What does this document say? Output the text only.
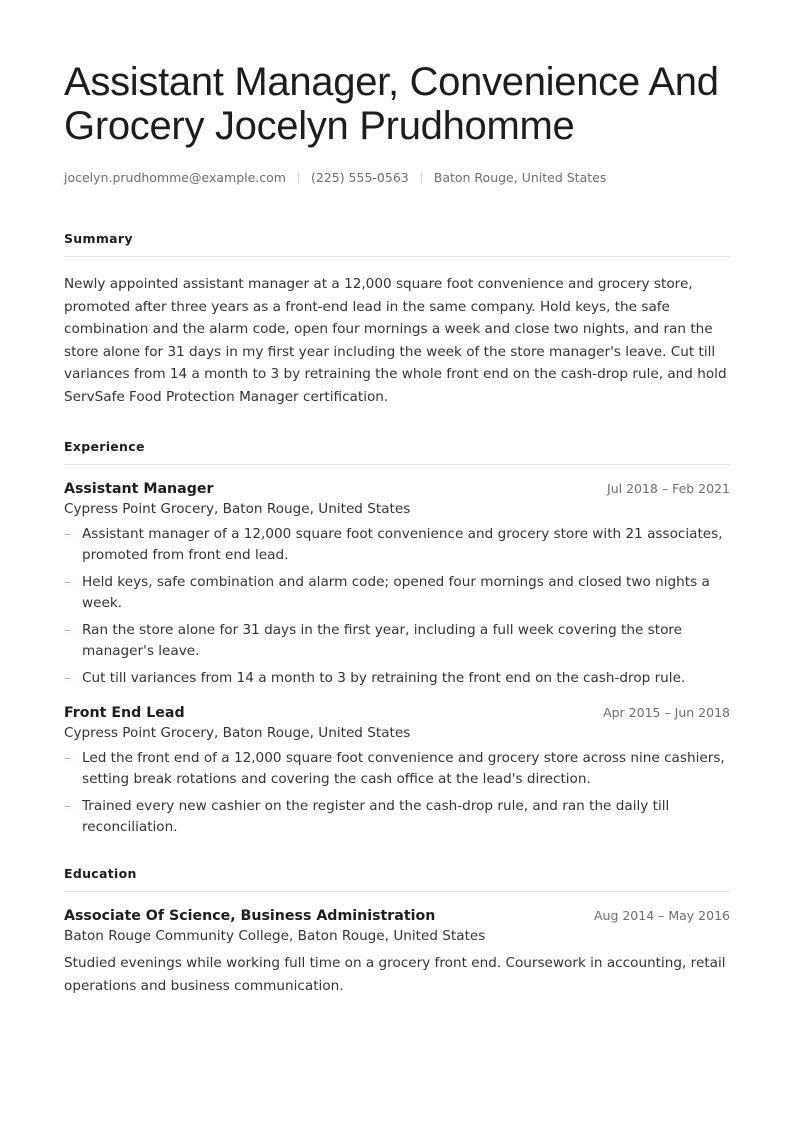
Assistant Manager, Convenience And Grocery Jocelyn Prudhomme
jocelyn.prudhomme@example.com (225) 555-0563 Baton Rouge, United States
Summary

Newly appointed assistant manager at a 12,000 square foot convenience and grocery store, promoted after three years as a front-end lead in the same company. Hold keys, the safe combination and the alarm code, open four mornings a week and close two nights, and ran the store alone for 31 days in my first year including the week of the store manager's leave. Cut till variances from 14 a month to 3 by retraining the whole front end on the cash-drop rule, and hold ServSafe Food Protection Manager certification.

Experience
Assistant Manager	Jul 2018 – Feb 2021
Cypress Point Grocery, Baton Rouge, United States
– Assistant manager of a 12,000 square foot convenience and grocery store with 21 associates, promoted from front end lead.
– Held keys, safe combination and alarm code; opened four mornings and closed two nights a week.
– Ran the store alone for 31 days in the first year, including a full week covering the store manager's leave.
– Cut till variances from 14 a month to 3 by retraining the front end on the cash-drop rule.
Front End Lead	Apr 2015 – Jun 2018
Cypress Point Grocery, Baton Rouge, United States
– Led the front end of a 12,000 square foot convenience and grocery store across nine cashiers, setting break rotations and covering the cash office at the lead's direction.
– Trained every new cashier on the register and the cash-drop rule, and ran the daily till reconciliation.
Education
Associate Of Science, Business Administration	Aug 2014 – May 2016
Baton Rouge Community College, Baton Rouge, United States

Studied evenings while working full time on a grocery front end. Coursework in accounting, retail operations and business communication.
